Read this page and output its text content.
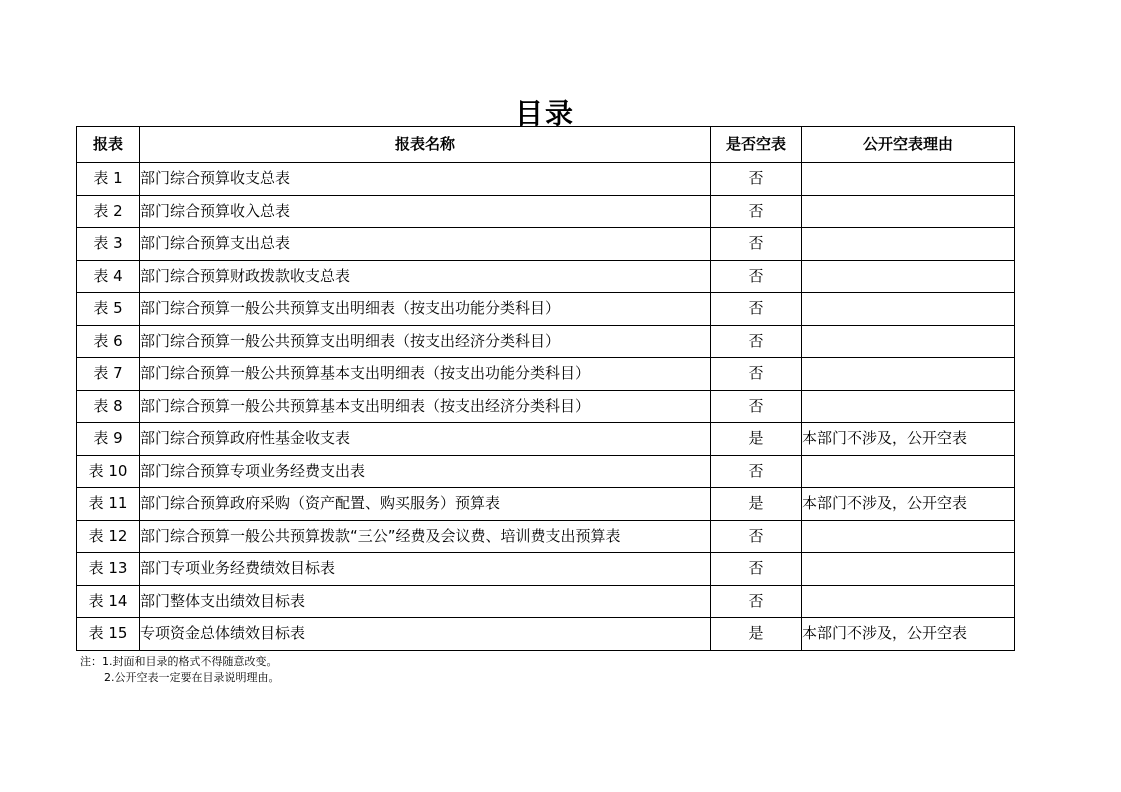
目录
报表	报表名称	是否空表	公开空表理由
表 1	部门综合预算收支总表	否	
表 2	部门综合预算收入总表	否	
表 3	部门综合预算支出总表	否	
表 4	部门综合预算财政拨款收支总表	否	
表 5	部门综合预算一般公共预算支出明细表（按支出功能分类科目）	否	
表 6	部门综合预算一般公共预算支出明细表（按支出经济分类科目）	否	
表 7	部门综合预算一般公共预算基本支出明细表（按支出功能分类科目）	否	
表 8	部门综合预算一般公共预算基本支出明细表（按支出经济分类科目）	否	
表 9	部门综合预算政府性基金收支表	是	本部门不涉及，公开空表
表 10	部门综合预算专项业务经费支出表	否	
表 11	部门综合预算政府采购（资产配置、购买服务）预算表	是	本部门不涉及，公开空表
表 12	部门综合预算一般公共预算拨款“三公”经费及会议费、培训费支出预算表	否	
表 13	部门专项业务经费绩效目标表	否	
表 14	部门整体支出绩效目标表	否	
表 15	专项资金总体绩效目标表	是	本部门不涉及，公开空表
注：1.封面和目录的格式不得随意改变。
2.公开空表一定要在目录说明理由。
